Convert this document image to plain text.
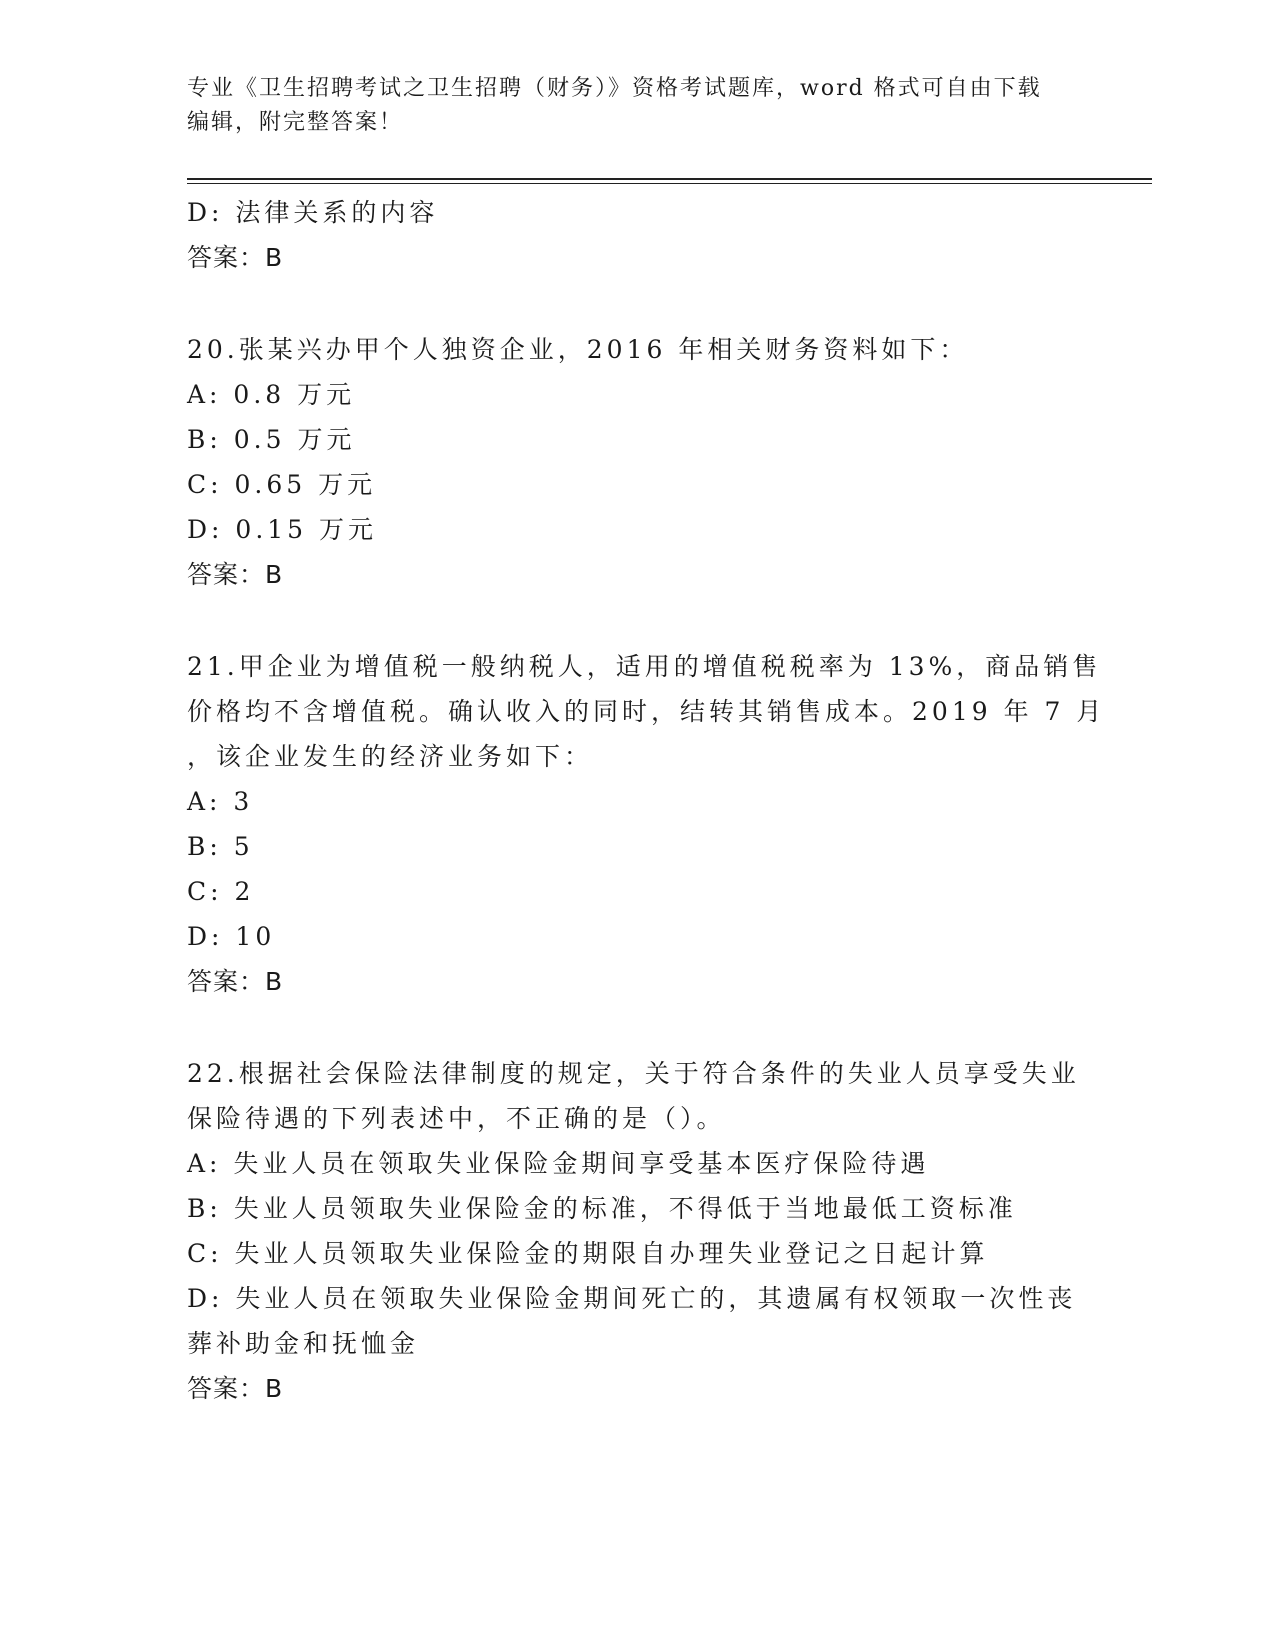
专业《卫生招聘考试之卫生招聘（财务）》资格考试题库，word 格式可自由下载
编辑，附完整答案！
D: 法律关系的内容
答案：B
20.张某兴办甲个人独资企业，2016 年相关财务资料如下：
A: 0.8 万元
B: 0.5 万元
C: 0.65 万元
D: 0.15 万元
答案：B
21.甲企业为增值税一般纳税人，适用的增值税税率为 13%，商品销售
价格均不含增值税。确认收入的同时，结转其销售成本。2019 年 7 月
，该企业发生的经济业务如下：
A: 3
B: 5
C: 2
D: 10
答案：B
22.根据社会保险法律制度的规定，关于符合条件的失业人员享受失业
保险待遇的下列表述中，不正确的是（）。
A: 失业人员在领取失业保险金期间享受基本医疗保险待遇
B: 失业人员领取失业保险金的标准，不得低于当地最低工资标准
C: 失业人员领取失业保险金的期限自办理失业登记之日起计算
D: 失业人员在领取失业保险金期间死亡的，其遗属有权领取一次性丧
葬补助金和抚恤金
答案：B
